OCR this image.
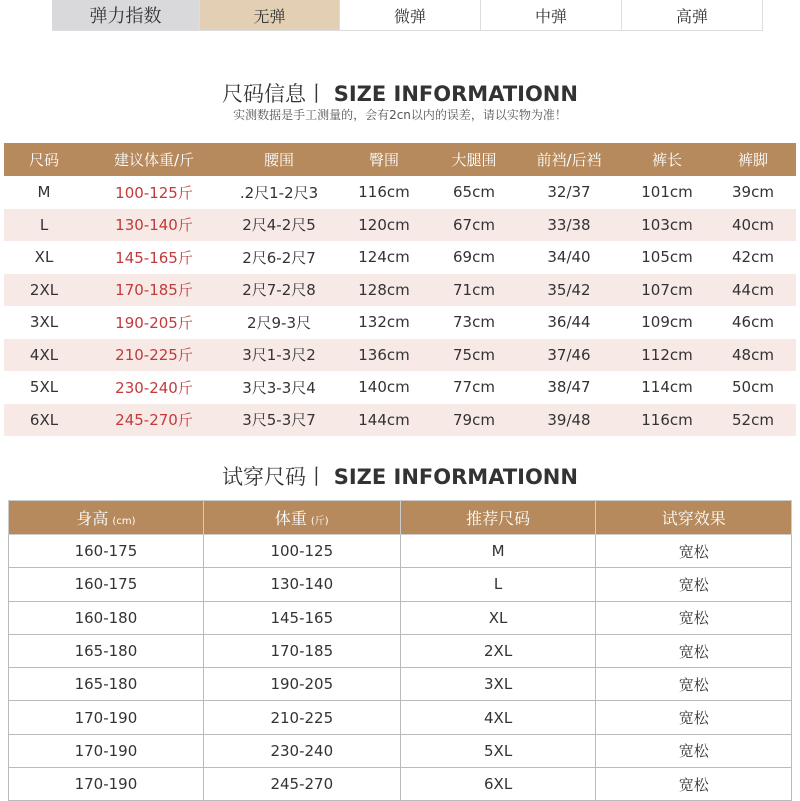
弹力指数	无弹	微弹	中弹	高弹
尺码信息丨 SIZE INFORMATIONN
实测数据是手工测量的，会有2cn以内的误差，请以实物为准！
尺码	建议体重/斤	腰围	臀围	大腿围	前裆/后裆	裤长	裤脚
M	100-125斤	.2尺1-2尺3	116cm	65cm	32/37	101cm	39cm
L	130-140斤	2尺4-2尺5	120cm	67cm	33/38	103cm	40cm
XL	145-165斤	2尺6-2尺7	124cm	69cm	34/40	105cm	42cm
2XL	170-185斤	2尺7-2尺8	128cm	71cm	35/42	107cm	44cm
3XL	190-205斤	2尺9-3尺	132cm	73cm	36/44	109cm	46cm
4XL	210-225斤	3尺1-3尺2	136cm	75cm	37/46	112cm	48cm
5XL	230-240斤	3尺3-3尺4	140cm	77cm	38/47	114cm	50cm
6XL	245-270斤	3尺5-3尺7	144cm	79cm	39/48	116cm	52cm
试穿尺码丨 SIZE INFORMATIONN
身高 (cm)	体重 (斤)	推荐尺码	试穿效果
160-175	100-125	M	宽松
160-175	130-140	L	宽松
160-180	145-165	XL	宽松
165-180	170-185	2XL	宽松
165-180	190-205	3XL	宽松
170-190	210-225	4XL	宽松
170-190	230-240	5XL	宽松
170-190	245-270	6XL	宽松
